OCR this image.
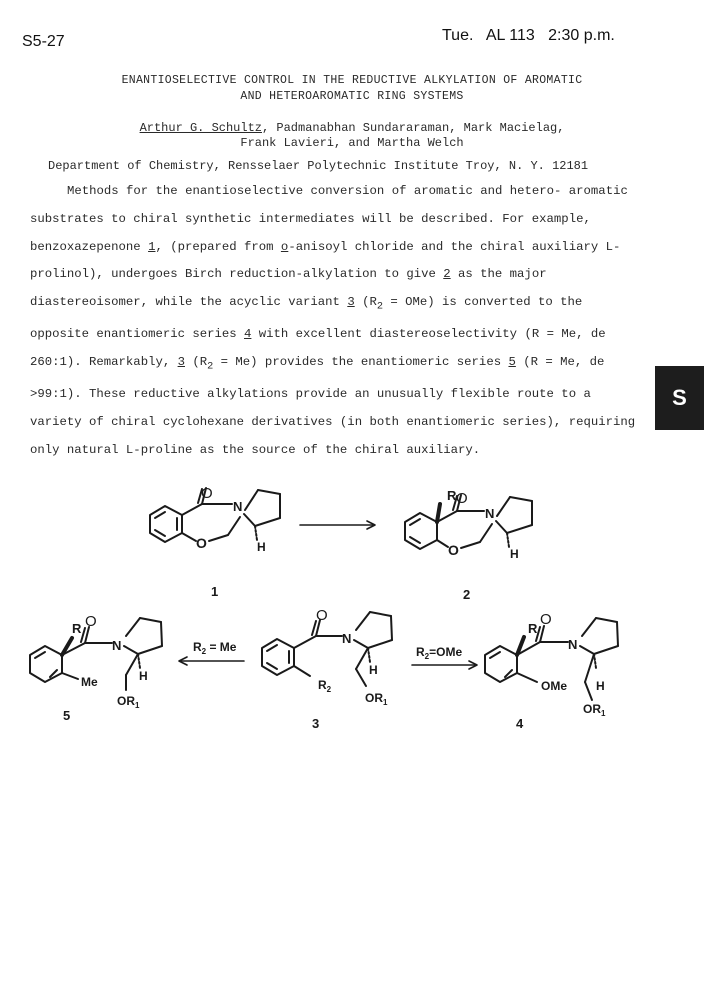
S5-27	Tue.   AL 113   2:30 p.m.
ENANTIOSELECTIVE CONTROL IN THE REDUCTIVE ALKYLATION OF AROMATIC
AND HETEROAROMATIC RING SYSTEMS
Arthur G. Schultz, Padmanabhan Sundararaman, Mark Macielag,
Frank Lavieri, and Martha Welch
Department of Chemistry, Rensselaer Polytechnic Institute Troy, N. Y. 12181
Methods for the enantioselective conversion of aromatic and hetero- aromatic substrates to chiral synthetic intermediates will be described. For example, benzoxazepenone 1, (prepared from o-anisoyl chloride and the chiral auxiliary L-prolinol), undergoes Birch reduction-alkylation to give 2 as the major diastereoisomer, while the acyclic variant 3 $(R_2 = OMe)$ is converted to the opposite enantiomeric series 4 with excellent diastereoselectivity (R = Me, de 260:1). Remarkably, 3 $(R_2 = Me)$ provides the enantiomeric series 5 (R = Me, de >99:1). These reductive alkylations provide an unusually flexible route to a variety of chiral cyclohexane derivatives (in both enantiomeric series), requiring only natural L-proline as the source of the chiral auxiliary.
S
O
N
O	H
1
R O
N
O	H
2
R O
N
Me	H
$OR_1$
5
$R_2 = Me$
O
N
$R_2$
H
$OR_1$
3
$R_2=OMe$
R
O
N
OMe H
$OR_1$
4
